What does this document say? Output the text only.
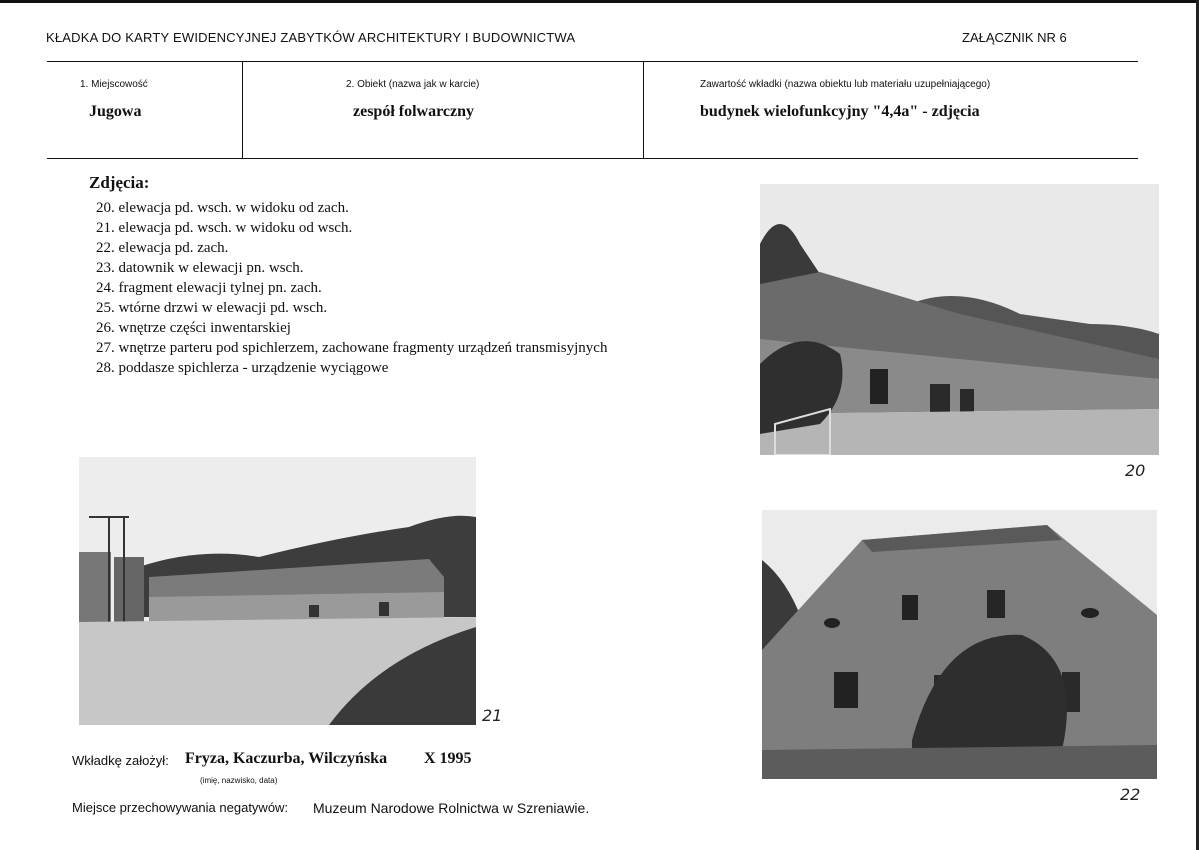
KŁADKA DO KARTY EWIDENCYJNEJ ZABYTKÓW ARCHITEKTURY I BUDOWNICTWA	ZAŁĄCZNIK NR 6
1. Miejscowość
Jugowa
2. Obiekt (nazwa jak w karcie)
zespół folwarczny
Zawartość wkładki (nazwa obiektu lub materiału uzupełniającego)
budynek wielofunkcyjny "4,4a" - zdjęcia
Zdjęcia:
20. elewacja pd. wsch. w widoku od zach.
21. elewacja pd. wsch. w widoku od wsch.
22. elewacja pd. zach.
23. datownik w elewacji pn. wsch.
24. fragment elewacji tylnej pn. zach.
25. wtórne drzwi w elewacji pd. wsch.
26. wnętrze części inwentarskiej
27. wnętrze parteru pod spichlerzem, zachowane fragmenty urządzeń transmisyjnych
28. poddasze spichlerza - urządzenie wyciągowe
20
21
22
Wkładkę założył: Fryza, Kaczurba, Wilczyńska X 1995
(imię, nazwisko, data)
Miejsce przechowywania negatywów: Muzeum Narodowe Rolnictwa w Szreniawie.
